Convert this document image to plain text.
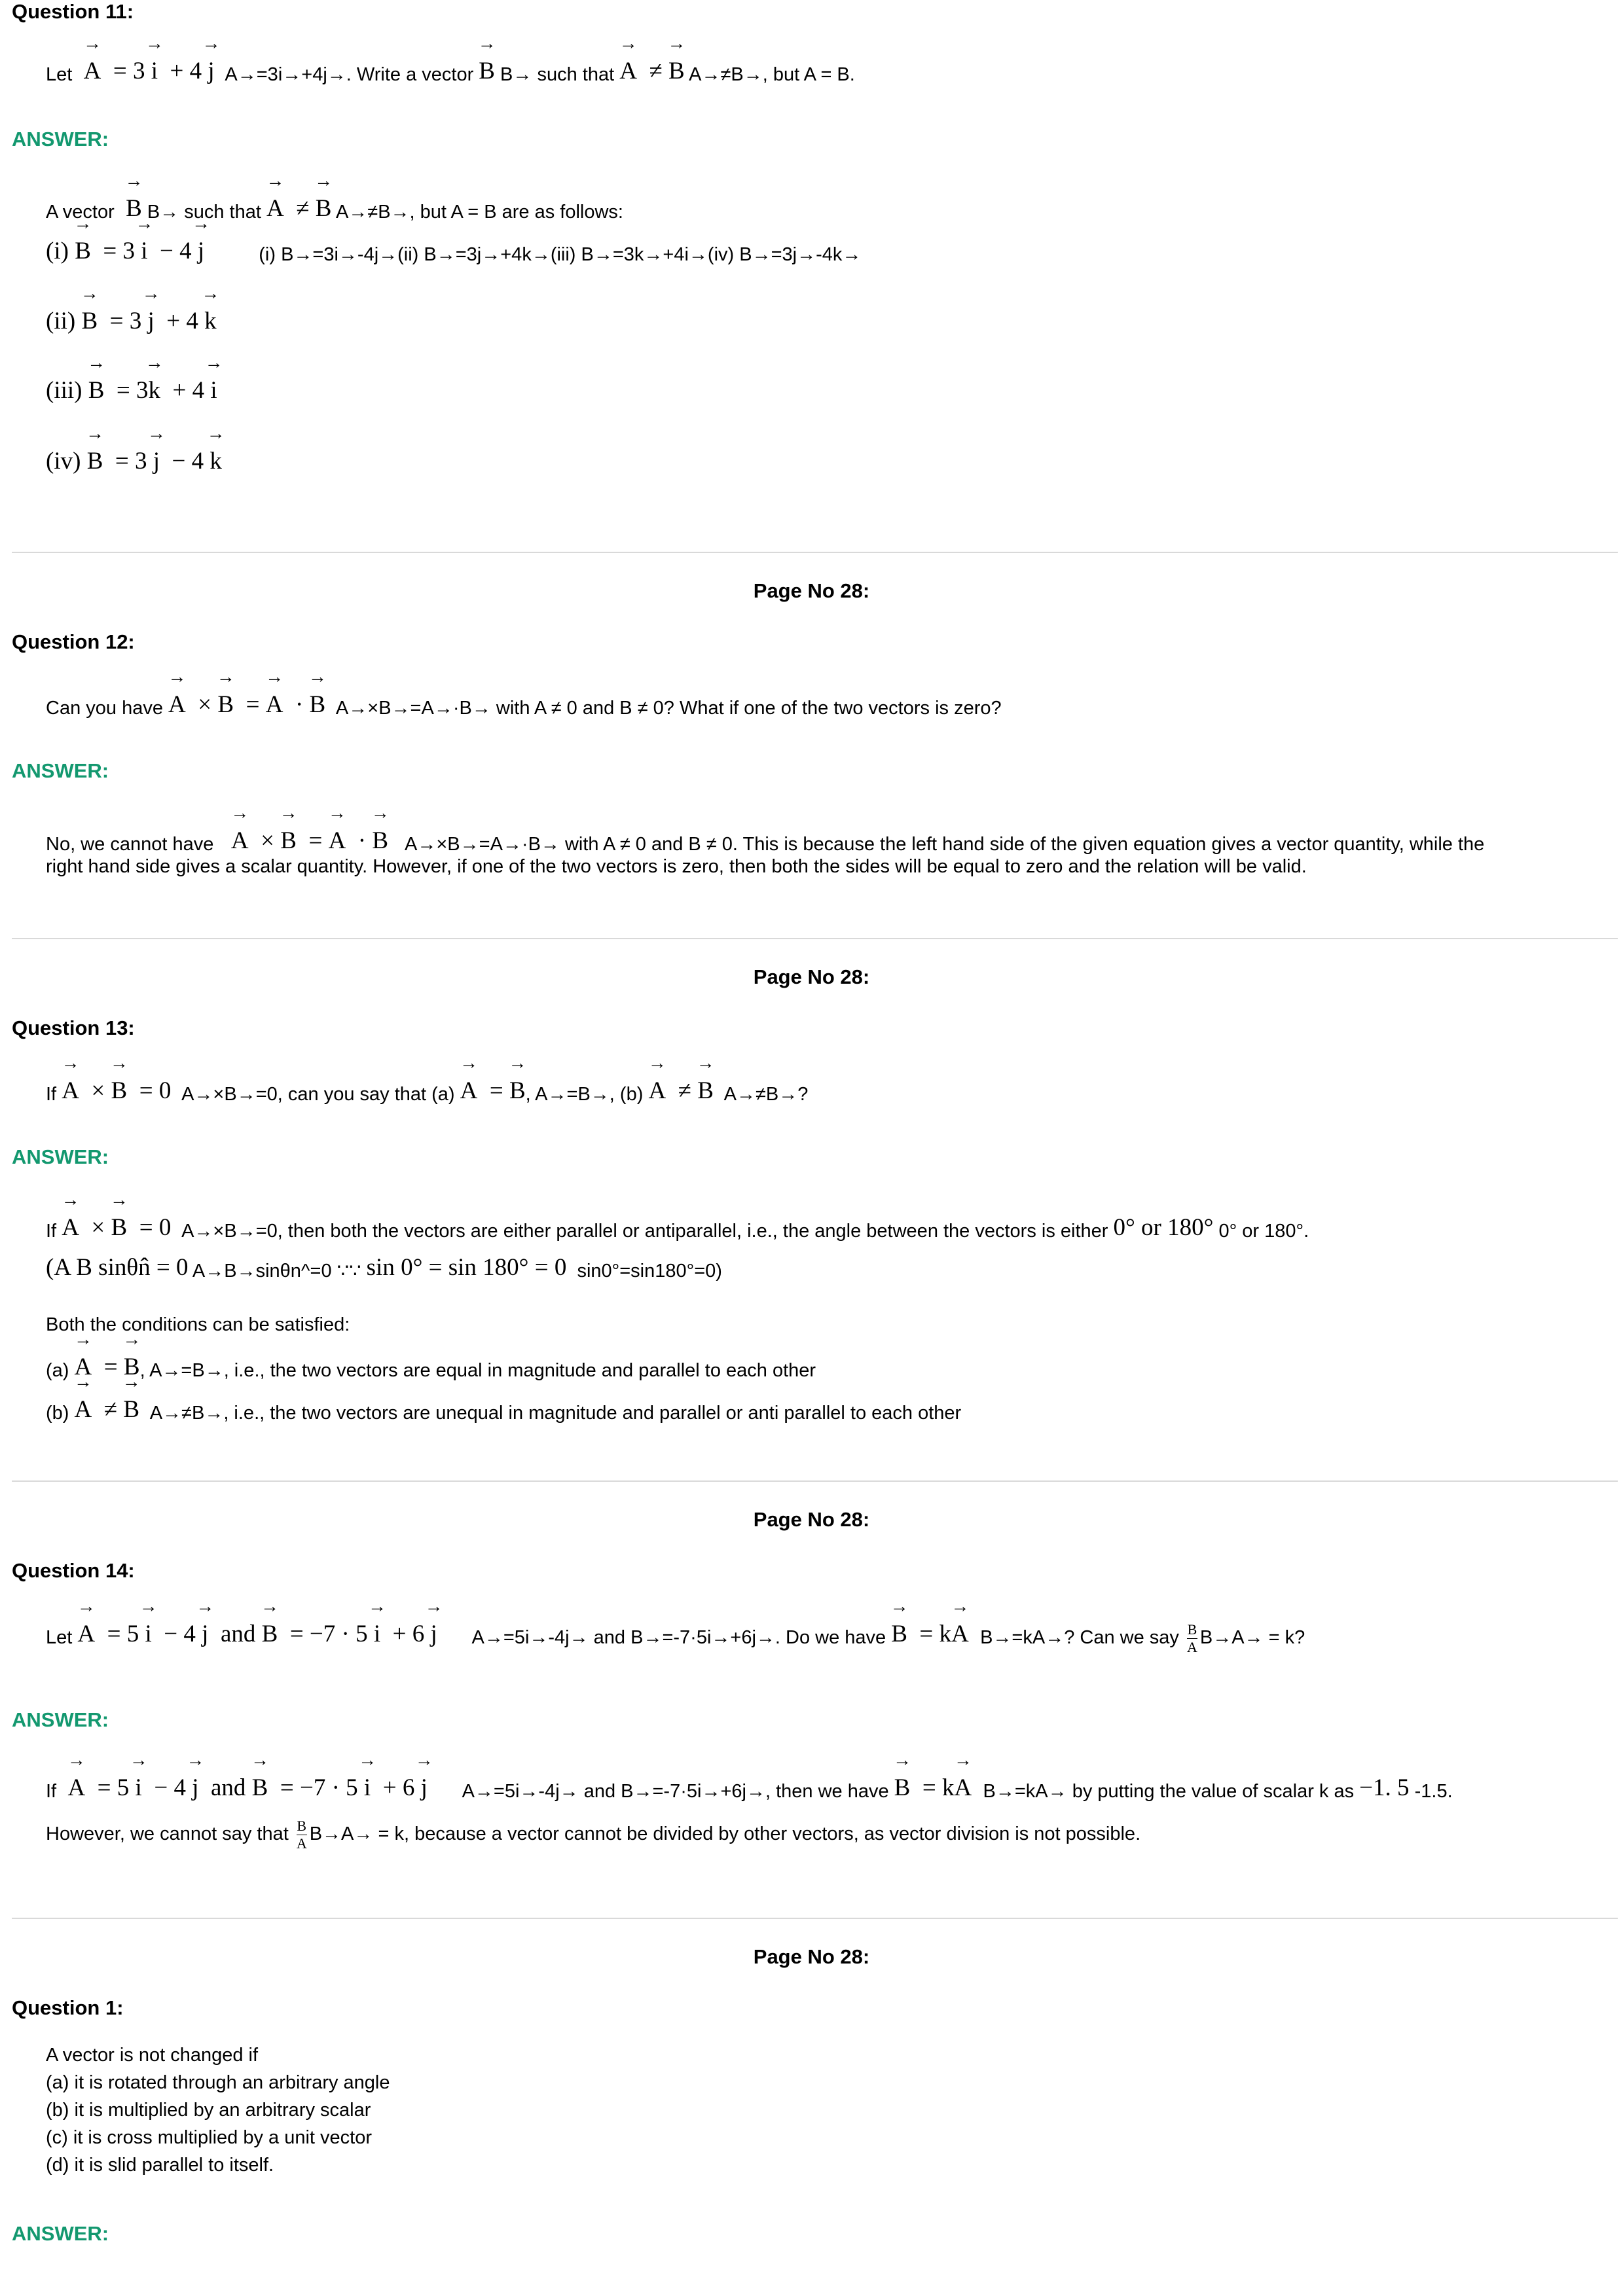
Question 11:
Let → A  = 3 → i  + 4 → j A→=3i→+4j→. Write a vector → B B→ such that → A  ≠ → B A→≠B→, but A = B.
ANSWER:
A vector → B B→ such that → A  ≠ → B A→≠B→, but A = B are as follows:
(i) → B = 3 → i − 4 → j	(i) B→=3i→-4j→(ii) B→=3j→+4k→(iii) B→=3k→+4i→(iv) B→=3j→-4k→
(ii) → B = 3 → j + 4 → k
(iii) → B = 3→ k + 4 → i
(iv) → B = 3 → j − 4 → k
Page No 28:
Question 12:
Can you have → A  × → B  = → A  · → B A→×B→=A→·B→ with A ≠ 0 and B ≠ 0? What if one of the two vectors is zero?
ANSWER:
No, we cannot have → A  × → B  = → A  · → B A→×B→=A→·B→ with A ≠ 0 and B ≠ 0. This is because the left hand side of the given equation gives a vector quantity, while the
right hand side gives a scalar quantity. However, if one of the two vectors is zero, then both the sides will be equal to zero and the relation will be valid.
Page No 28:
Question 13:
If → A  × → B  = 0  A→×B→=0, can you say that (a) → A  = → B, A→=B→, (b) → A  ≠ → B A→≠B→?
ANSWER:
If → A  × → B  = 0  A→×B→=0, then both the vectors are either parallel or antiparallel, i.e., the angle between the vectors is either 0° or 180° 0° or 180°.
(A B sinθn̂ = 0 A→B→sinθn^=0 ∵∵ sin 0° = sin 180° = 0 sin0°=sin180°=0)
Both the conditions can be satisfied:
(a) → A  = → B, A→=B→, i.e., the two vectors are equal in magnitude and parallel to each other
(b) → A  ≠ → B A→≠B→, i.e., the two vectors are unequal in magnitude and parallel or anti parallel to each other
Page No 28:
Question 14:
Let → A  = 5 → i  − 4 → j  and → B  = −7 · 5 → i  + 6 → j A→=5i→-4j→ and B→=-7·5i→+6j→. Do we have → B  = k→ A B→=kA→? Can we say $\frac{B}{A} B\to A\to = k$?
ANSWER:
If → A  = 5 → i  − 4 → j  and → B  = −7 · 5 → i  + 6 → j A→=5i→-4j→ and B→=-7·5i→+6j→, then we have → B  = k→ A B→=kA→ by putting the value of scalar k as −1. 5 -1.5.
However, we cannot say that $\frac{B}{A} B\to A\to = k$, because a vector cannot be divided by other vectors, as vector division is not possible.
Page No 28:
Question 1:
A vector is not changed if
(a) it is rotated through an arbitrary angle
(b) it is multiplied by an arbitrary scalar
(c) it is cross multiplied by a unit vector
(d) it is slid parallel to itself.
ANSWER:
